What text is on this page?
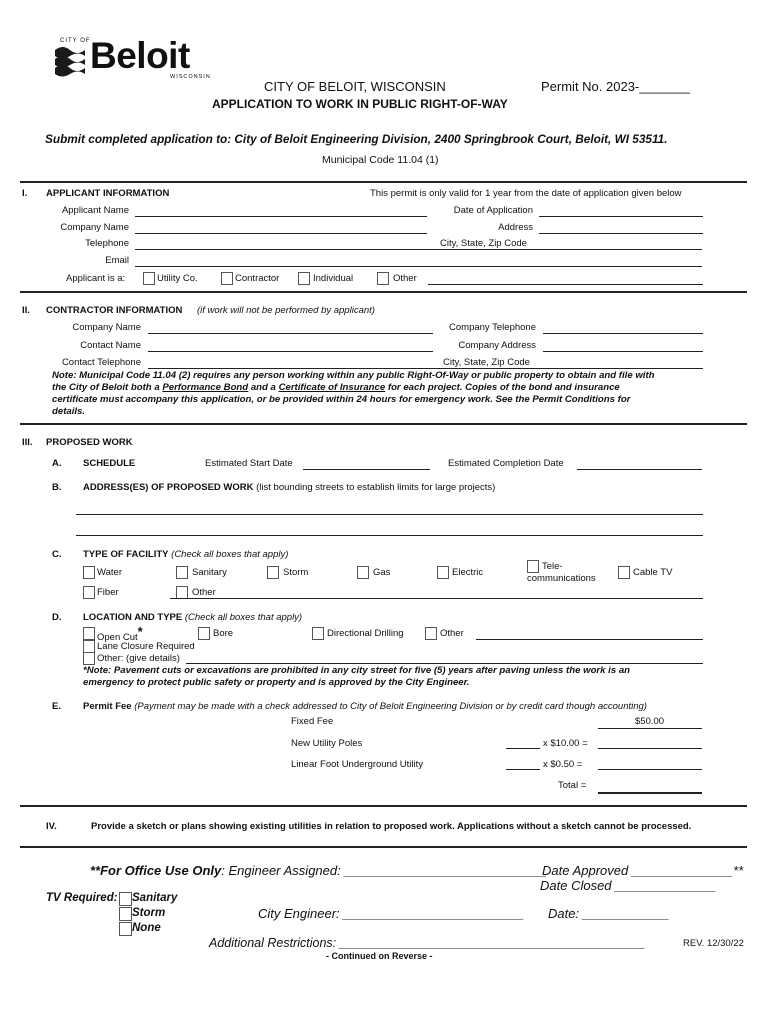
CITY OF Beloit
WISCONSIN
CITY OF BELOIT, WISCONSIN	Permit No. 2023-_______
APPLICATION TO WORK IN PUBLIC RIGHT-OF-WAY
Submit completed application to: City of Beloit Engineering Division, 2400 Springbrook Court, Beloit, WI 53511.
Municipal Code 11.04 (1)
I. APPLICANT INFORMATION	This permit is only valid for 1 year from the date of application given below
Applicant Name	Date of Application
Company Name	Address
Telephone	City, State, Zip Code
Email
Applicant is a:	Utility Co.	Contractor	Individual	Other
II. CONTRACTOR INFORMATION (if work will not be performed by applicant)
Company Name	Company Telephone
Contact Name	Company Address
Contact Telephone	City, State, Zip Code
Note: Municipal Code 11.04 (2) requires any person working within any public Right-Of-Way or public property to obtain and file with
the City of Beloit both a Performance Bond and a Certificate of Insurance for each project. Copies of the bond and insurance
certificate must accompany this application, or be provided within 24 hours for emergency work. See the Permit Conditions for
details.
III. PROPOSED WORK
A. SCHEDULE	Estimated Start Date	Estimated Completion Date
B. ADDRESS(ES) OF PROPOSED WORK (list bounding streets to establish limits for large projects)
C. TYPE OF FACILITY (Check all boxes that apply)
Water	Sanitary	Storm	Gas	Electric
Tele-
communications
Cable TV
Fiber	Other
D. LOCATION AND TYPE (Check all boxes that apply)
Open Cut*	Bore	Directional Drilling	Other
Lane Closure Required
Other: (give details)
*Note: Pavement cuts or excavations are prohibited in any city street for five (5) years after paving unless the work is an
emergency to protect public safety or property and is approved by the City Engineer.
E. Permit Fee (Payment may be made with a check addressed to City of Beloit Engineering Division or by credit card though accounting)
Fixed Fee	$50.00
New Utility Poles	x $10.00 =
Linear Foot Underground Utility	x $0.50 =
Total =
IV.	Provide a sketch or plans showing existing utilities in relation to proposed work. Applications without a sketch cannot be processed.
**For Office Use Only: Engineer Assigned: ____________________________
Date Approved ______________**
Date Closed ______________
TV Required: Sanitary
Storm
None
City Engineer: _________________________ Date: ____________
Additional Restrictions: ____________________________________________	REV. 12/30/22
- Continued on Reverse -
